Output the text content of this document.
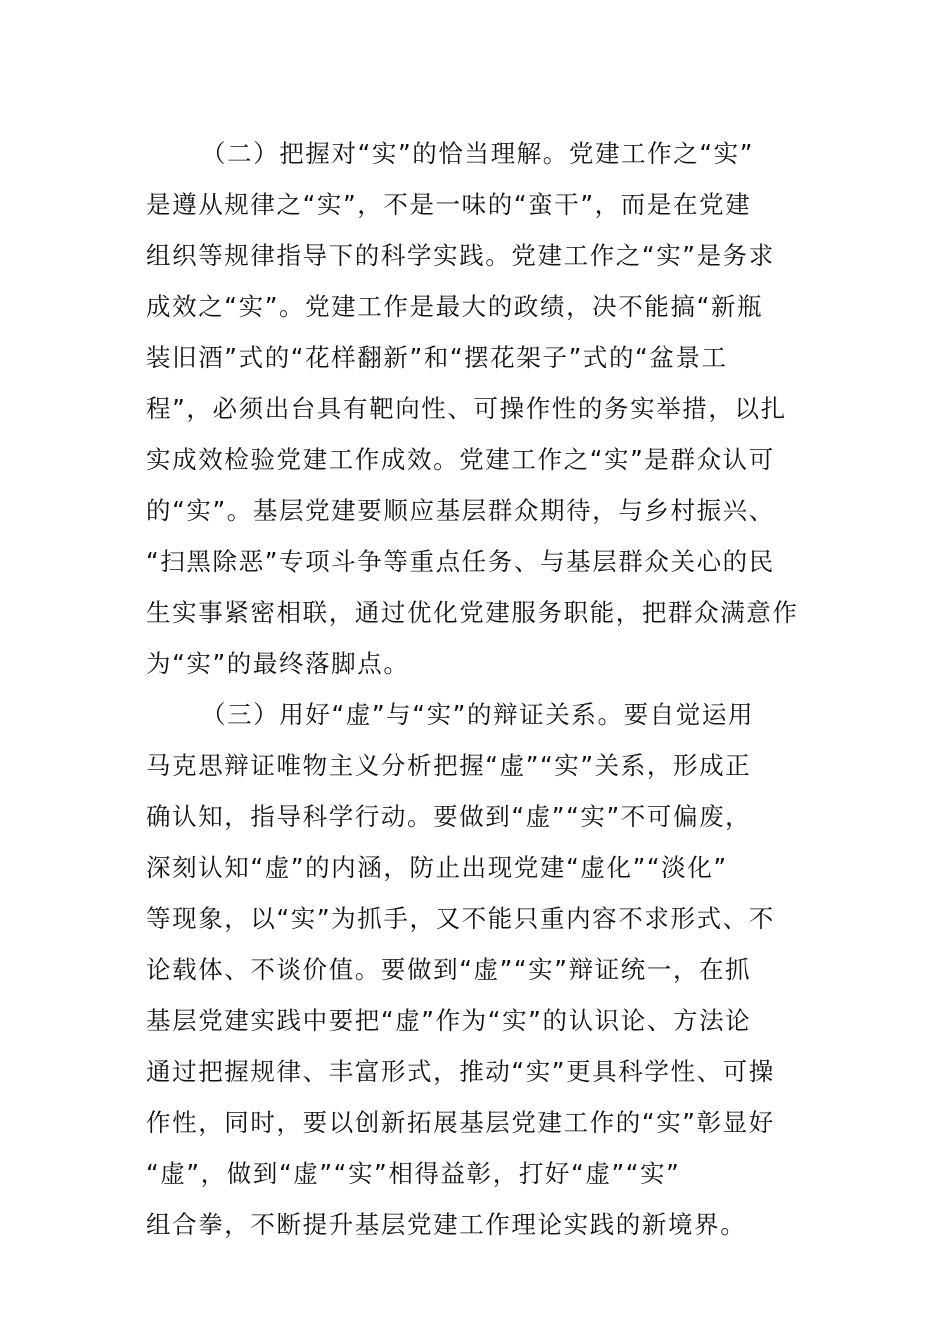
（二）把握对“实”的恰当理解。党建工作之“实”
是遵从规律之“实”，不是一味的“蛮干”，而是在党建
组织等规律指导下的科学实践。党建工作之“实”是务求
成效之“实”。党建工作是最大的政绩，决不能搞“新瓶
装旧酒”式的“花样翻新”和“摆花架子”式的“盆景工
程”，必须出台具有靶向性、可操作性的务实举措，以扎
实成效检验党建工作成效。党建工作之“实”是群众认可
的“实”。基层党建要顺应基层群众期待，与乡村振兴、
“扫黑除恶”专项斗争等重点任务、与基层群众关心的民
生实事紧密相联，通过优化党建服务职能，把群众满意作
为“实”的最终落脚点。
（三）用好“虚”与“实”的辩证关系。要自觉运用
马克思辩证唯物主义分析把握“虚”“实”关系，形成正
确认知，指导科学行动。要做到“虚”“实”不可偏废，
深刻认知“虚”的内涵，防止出现党建“虚化”“淡化”
等现象，以“实”为抓手，又不能只重内容不求形式、不
论载体、不谈价值。要做到“虚”“实”辩证统一，在抓
基层党建实践中要把“虚”作为“实”的认识论、方法论
通过把握规律、丰富形式，推动“实”更具科学性、可操
作性，同时，要以创新拓展基层党建工作的“实”彰显好
“虚”，做到“虚”“实”相得益彰，打好“虚”“实”
组合拳，不断提升基层党建工作理论实践的新境界。
